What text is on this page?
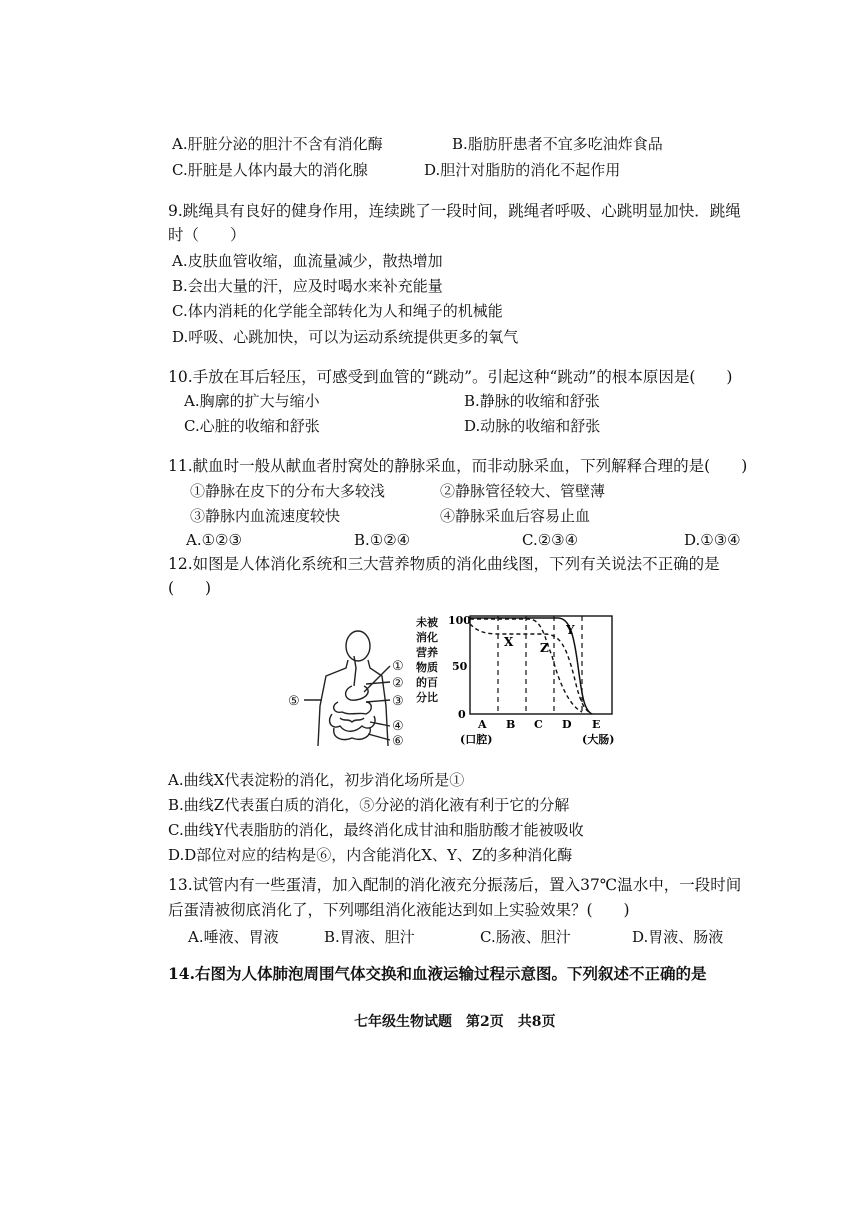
A.肝脏分泌的胆汁不含有消化酶	B.脂肪肝患者不宜多吃油炸食品
C.肝脏是人体内最大的消化腺	D.胆汁对脂肪的消化不起作用
9.跳绳具有良好的健身作用，连续跳了一段时间，跳绳者呼吸、心跳明显加快．跳绳
时（　　）
A.皮肤血管收缩，血流量减少，散热增加
B.会出大量的汗，应及时喝水来补充能量
C.体内消耗的化学能全部转化为人和绳子的机械能
D.呼吸、心跳加快，可以为运动系统提供更多的氧气
10.手放在耳后轻压，可感受到血管的“跳动”。引起这种“跳动”的根本原因是(　　)
A.胸廓的扩大与缩小	B.静脉的收缩和舒张
C.心脏的收缩和舒张	D.动脉的收缩和舒张
11.献血时一般从献血者肘窝处的静脉采血，而非动脉采血，下列解释合理的是(　　)
①静脉在皮下的分布大多较浅	②静脉管径较大、管壁薄
③静脉内血流速度较快	④静脉采血后容易止血
A.①②③	B.①②④	C.②③④	D.①③④
12.如图是人体消化系统和三大营养物质的消化曲线图，下列有关说法不正确的是
(　　)
①
②
③
④
⑤
⑥
未被
消化
营养
物质
的百
分比
100
50
0
X
Y
Z
A B C D E
(口腔)	(大肠)
A.曲线X代表淀粉的消化，初步消化场所是①
B.曲线Z代表蛋白质的消化，⑤分泌的消化液有利于它的分解
C.曲线Y代表脂肪的消化，最终消化成甘油和脂肪酸才能被吸收
D.D部位对应的结构是⑥，内含能消化X、Y、Z的多种消化酶
13.试管内有一些蛋清，加入配制的消化液充分振荡后，置入37℃温水中，一段时间
后蛋清被彻底消化了，下列哪组消化液能达到如上实验效果？(　　)
A.唾液、胃液	B.胃液、胆汁	C.肠液、胆汁	D.胃液、肠液
14.右图为人体肺泡周围气体交换和血液运输过程示意图。下列叙述不正确的是
七年级生物试题　第2页　共8页
